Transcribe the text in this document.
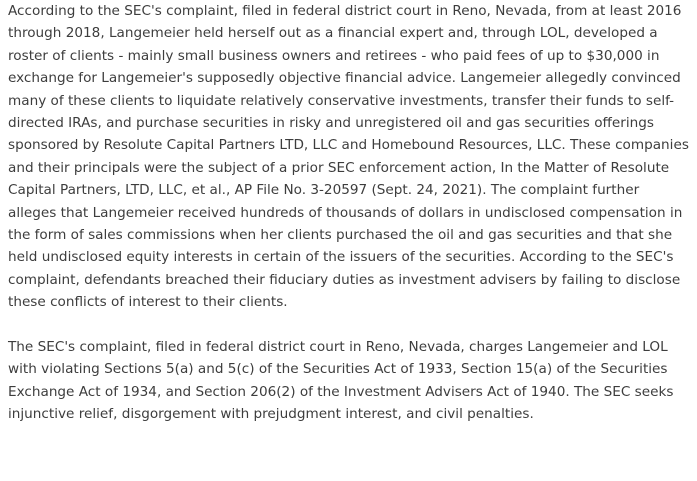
According to the SEC's complaint, filed in federal district court in Reno, Nevada, from at least 2016 through 2018, Langemeier held herself out as a financial expert and, through LOL, developed a roster of clients - mainly small business owners and retirees - who paid fees of up to $30,000 in exchange for Langemeier's supposedly objective financial advice. Langemeier allegedly convinced many of these clients to liquidate relatively conservative investments, transfer their funds to self-directed IRAs, and purchase securities in risky and unregistered oil and gas securities offerings sponsored by Resolute Capital Partners LTD, LLC and Homebound Resources, LLC. These companies and their principals were the subject of a prior SEC enforcement action, In the Matter of Resolute Capital Partners, LTD, LLC, et al., AP File No. 3-20597 (Sept. 24, 2021). The complaint further alleges that Langemeier received hundreds of thousands of dollars in undisclosed compensation in the form of sales commissions when her clients purchased the oil and gas securities and that she held undisclosed equity interests in certain of the issuers of the securities. According to the SEC's complaint, defendants breached their fiduciary duties as investment advisers by failing to disclose these conflicts of interest to their clients.

The SEC's complaint, filed in federal district court in Reno, Nevada, charges Langemeier and LOL with violating Sections 5(a) and 5(c) of the Securities Act of 1933, Section 15(a) of the Securities Exchange Act of 1934, and Section 206(2) of the Investment Advisers Act of 1940. The SEC seeks injunctive relief, disgorgement with prejudgment interest, and civil penalties.
